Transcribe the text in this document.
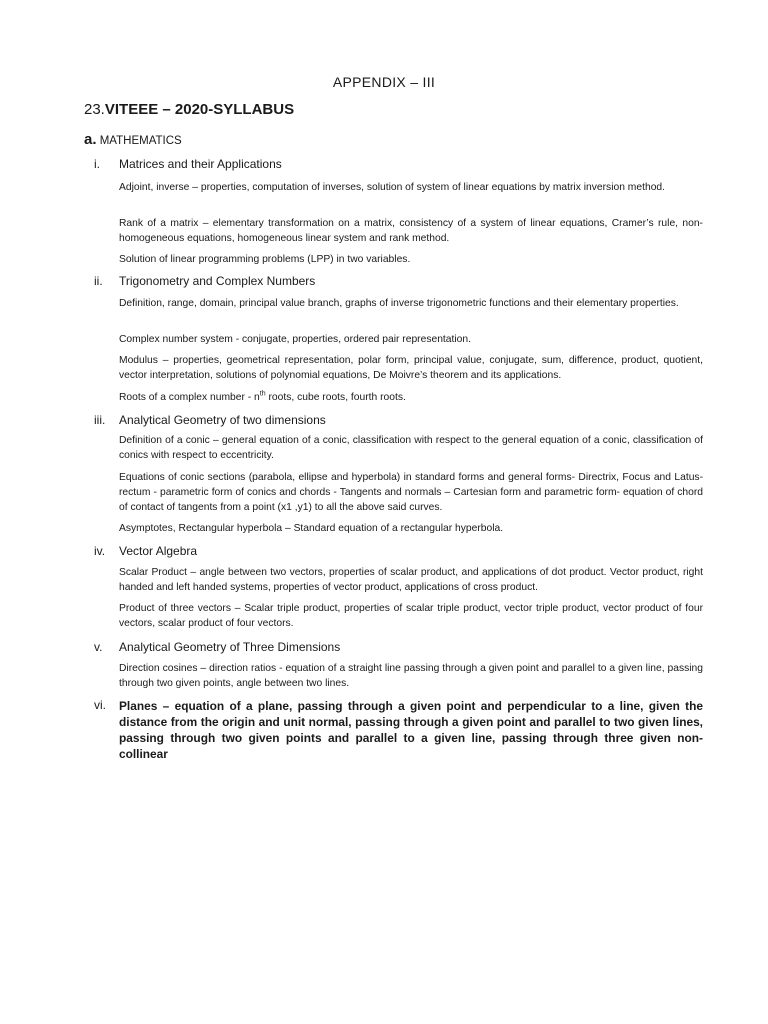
APPENDIX – III
23.VITEEE – 2020-SYLLABUS
a. MATHEMATICS
i. Matrices and their Applications
Adjoint, inverse – properties, computation of inverses, solution of system of linear equations by matrix inversion method.
Rank of a matrix – elementary transformation on a matrix, consistency of a system of linear equations, Cramer’s rule, non-homogeneous equations, homogeneous linear system and rank method.
Solution of linear programming problems (LPP) in two variables.
ii. Trigonometry and Complex Numbers
Definition, range, domain, principal value branch, graphs of inverse trigonometric functions and their elementary properties.
Complex number system - conjugate, properties, ordered pair representation.
Modulus – properties, geometrical representation, polar form, principal value, conjugate, sum, difference, product, quotient, vector interpretation, solutions of polynomial equations, De Moivre’s theorem and its applications.
Roots of a complex number - $n^{th}$ roots, cube roots, fourth roots.
iii. Analytical Geometry of two dimensions
Definition of a conic – general equation of a conic, classification with respect to the general equation of a conic, classification of conics with respect to eccentricity.
Equations of conic sections (parabola, ellipse and hyperbola) in standard forms and general forms- Directrix, Focus and Latus-rectum - parametric form of conics and chords - Tangents and normals – Cartesian form and parametric form- equation of chord of contact of tangents from a point (x1 ,y1) to all the above said curves.
Asymptotes, Rectangular hyperbola – Standard equation of a rectangular hyperbola.
iv. Vector Algebra
Scalar Product – angle between two vectors, properties of scalar product, and applications of dot product. Vector product, right handed and left handed systems, properties of vector product, applications of cross product.
Product of three vectors – Scalar triple product, properties of scalar triple product, vector triple product, vector product of four vectors, scalar product of four vectors.
v. Analytical Geometry of Three Dimensions
Direction cosines – direction ratios - equation of a straight line passing through a given point and parallel to a given line, passing through two given points, angle between two lines.
vi. Planes – equation of a plane, passing through a given point and perpendicular to a line, given the distance from the origin and unit normal, passing through a given point and parallel to two given lines, passing through two given points and parallel to a given line, passing through three given non-collinear
